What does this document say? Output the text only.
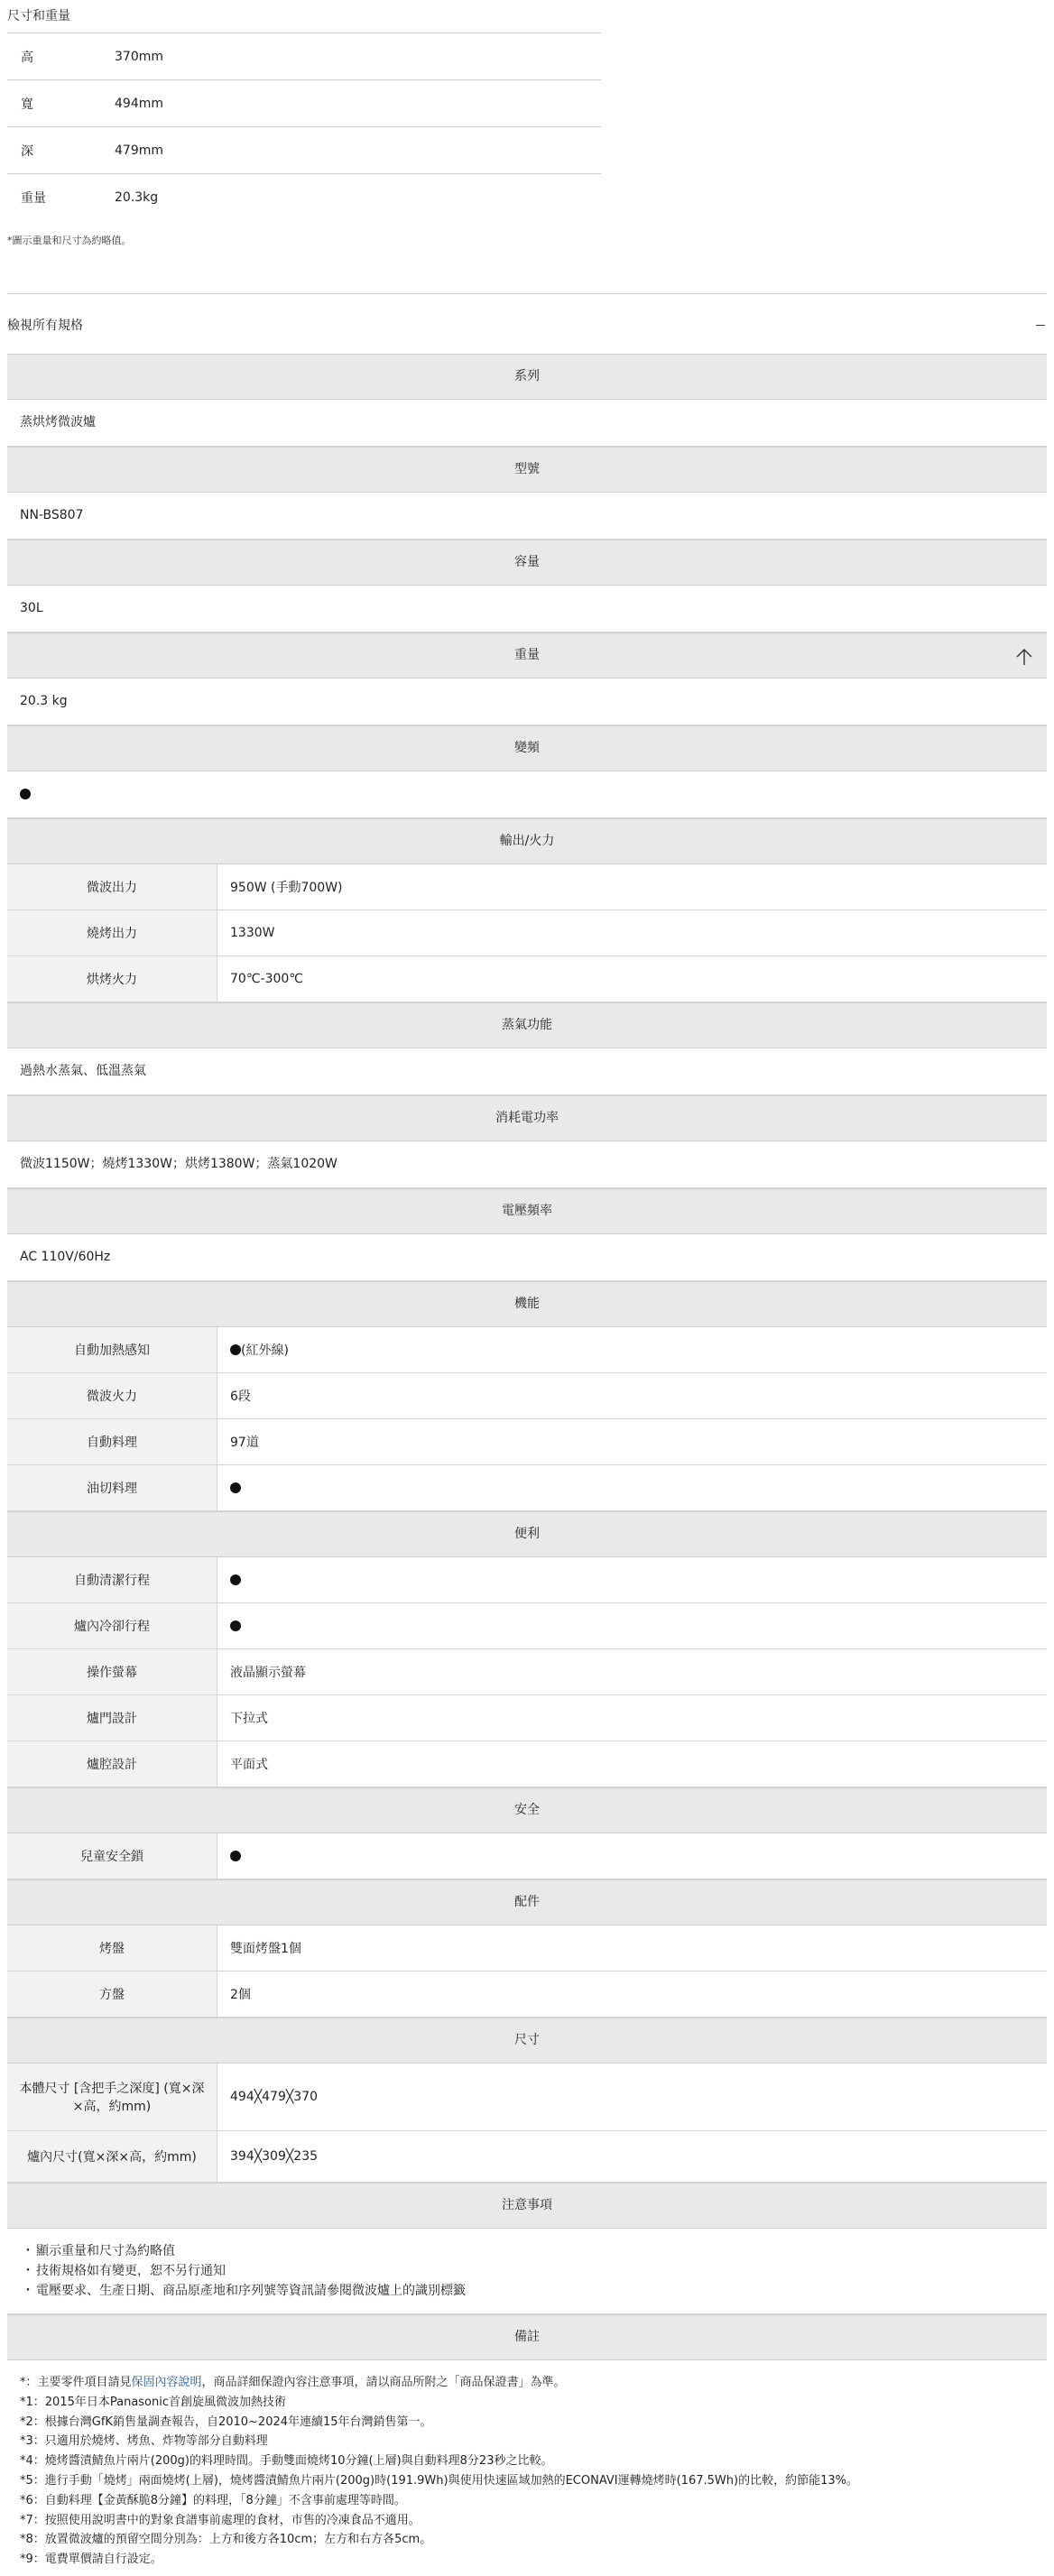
尺寸和重量
高	370mm
寬	494mm
深	479mm
重量	20.3kg
*圖示重量和尺寸為約略值。
檢視所有規格
系列
蒸烘烤微波爐
型號
NN-BS807
容量
30L
重量
20.3 kg
變頻
輸出/火力
微波出力	950W (手動700W)
燒烤出力	1330W
烘烤火力	70℃-300℃
蒸氣功能
過熱水蒸氣、低溫蒸氣
消耗電功率
微波1150W；燒烤1330W；烘烤1380W；蒸氣1020W
電壓頻率
AC 110V/60Hz
機能
自動加熱感知	(紅外線)
微波火力	6段
自動料理	97道
油切料理
便利
自動清潔行程
爐內冷卻行程
操作螢幕	液晶顯示螢幕
爐門設計	下拉式
爐腔設計	平面式
安全
兒童安全鎖
配件
烤盤	雙面烤盤1個
方盤	2個
尺寸
本體尺寸 [含把手之深度] (寬×深×高，約mm)
494╳479╳370
爐內尺寸(寬×深×高，約mm)	394╳309╳235
注意事項
・ 顯示重量和尺寸為約略值
・ 技術規格如有變更，恕不另行通知
・ 電壓要求、生產日期、商品原產地和序列號等資訊請參閱微波爐上的識別標籤
備註
*：主要零件項目請見保固內容說明，商品詳細保證內容注意事項，請以商品所附之「商品保證書」為準。
*1：2015年日本Panasonic首創旋風微波加熱技術
*2：根據台灣GfK銷售量調查報告，自2010~2024年連續15年台灣銷售第一。
*3：只適用於燒烤、烤魚、炸物等部分自動料理
*4：燒烤醬漬鯖魚片兩片(200g)的料理時間。手動雙面燒烤10分鐘(上層)與自動料理8分23秒之比較。
*5：進行手動「燒烤」兩面燒烤(上層)，燒烤醬漬鯖魚片兩片(200g)時(191.9Wh)與使用快速區域加熱的ECONAVI運轉燒烤時(167.5Wh)的比較，約節能13%。
*6：自動料理【金黃酥脆8分鐘】的料理，「8分鐘」不含事前處理等時間。
*7：按照使用說明書中的對象食譜事前處理的食材，市售的冷凍食品不適用。
*8：放置微波爐的預留空間分別為：上方和後方各10cm；左方和右方各5cm。
*9：電費單價請自行設定。
